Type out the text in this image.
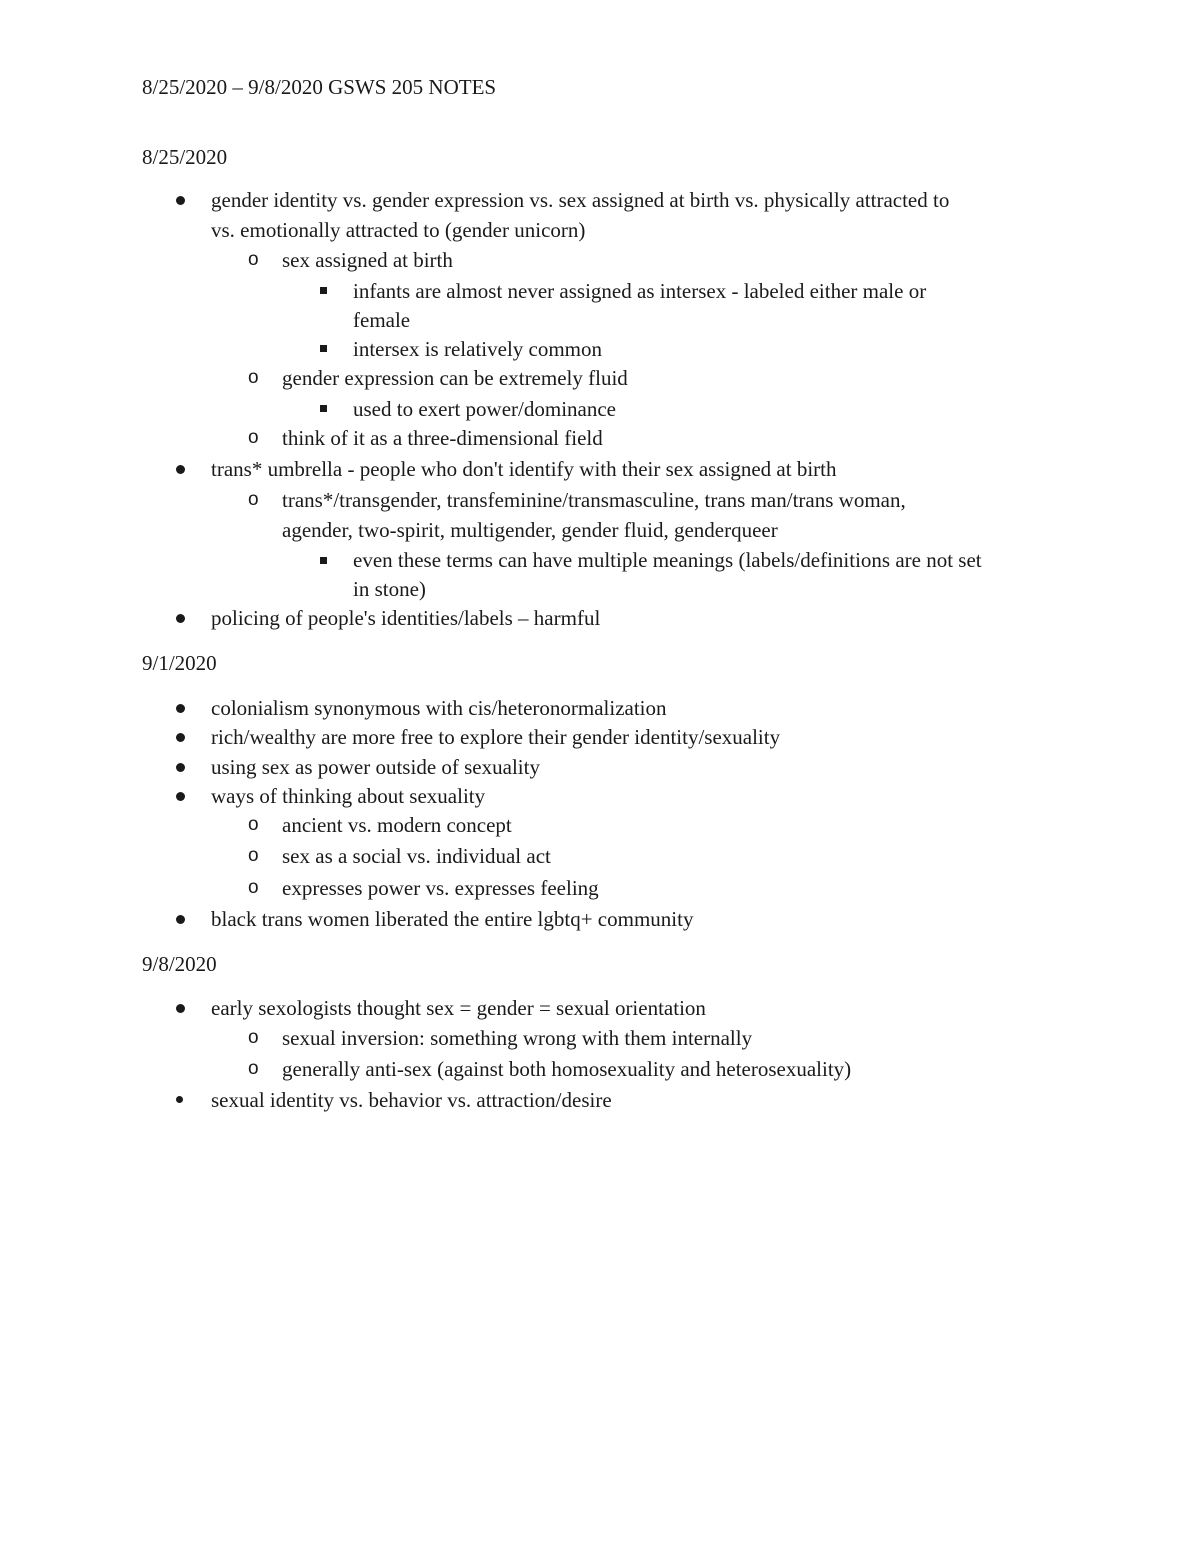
8/25/2020 – 9/8/2020 GSWS 205 NOTES
8/25/2020
gender identity vs. gender expression vs. sex assigned at birth vs. physically attracted to
vs. emotionally attracted to (gender unicorn)
o sex assigned at birth
infants are almost never assigned as intersex - labeled either male or
female
intersex is relatively common
o gender expression can be extremely fluid
used to exert power/dominance
o think of it as a three-dimensional field
trans* umbrella - people who don't identify with their sex assigned at birth
o trans*/transgender, transfeminine/transmasculine, trans man/trans woman,
agender, two-spirit, multigender, gender fluid, genderqueer
even these terms can have multiple meanings (labels/definitions are not set
in stone)
policing of people's identities/labels – harmful
9/1/2020
colonialism synonymous with cis/heteronormalization
rich/wealthy are more free to explore their gender identity/sexuality
using sex as power outside of sexuality
ways of thinking about sexuality
o ancient vs. modern concept
o sex as a social vs. individual act
o expresses power vs. expresses feeling
black trans women liberated the entire lgbtq+ community
9/8/2020
early sexologists thought sex = gender = sexual orientation
o sexual inversion: something wrong with them internally
o generally anti-sex (against both homosexuality and heterosexuality)
sexual identity vs. behavior vs. attraction/desire
